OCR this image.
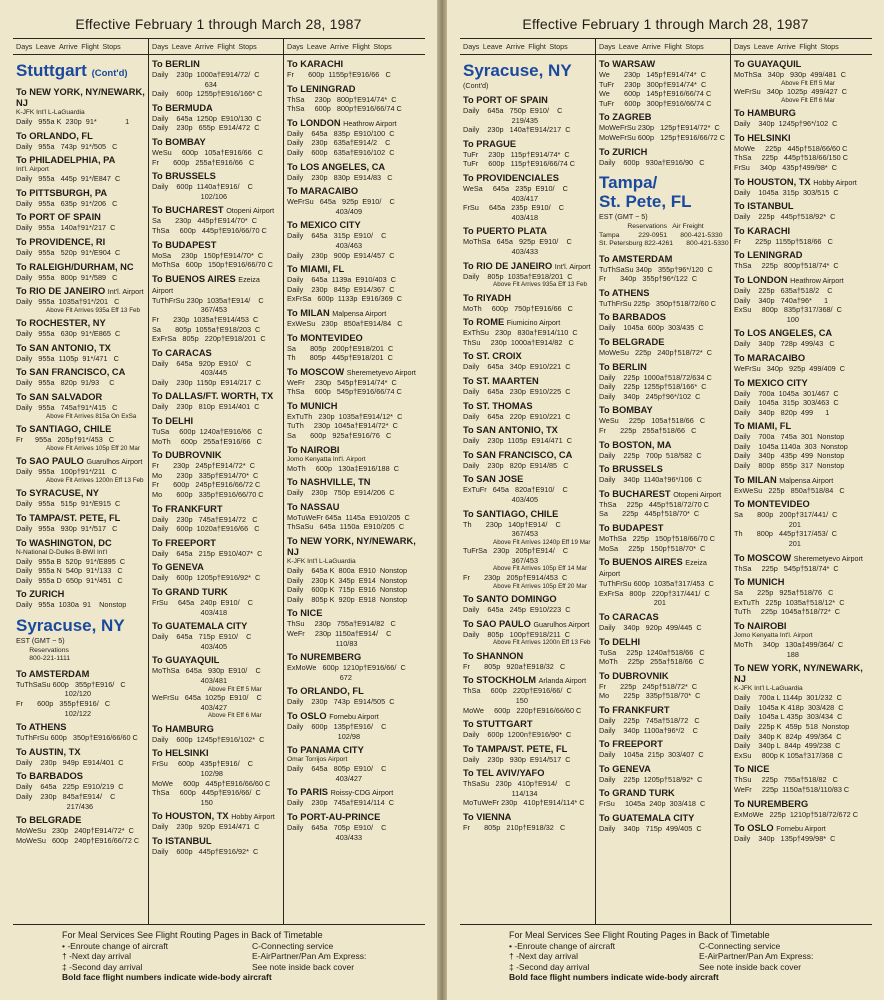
Effective February 1 through March 28, 1987
Days Leave Arrive Flight Stops
Stuttgart (Cont'd)
To NEW YORK, NY/NEWARK, NJ
K-JFK Int'l L-LaGuardia
Daily   955a K  230p  91*              1
To ORLANDO, FL
Daily   955a   743p  91*/505   C
To PHILADELPHIA, PA
Int'l. Airport
Daily   955a   445p  91*/E847  C
To PITTSBURGH, PA
Daily   955a   635p  91*/206   C
To PORT OF SPAIN
Daily   955a   140a†91*/217  C
To PROVIDENCE, RI
Daily   955a   520p  91*/E904  C
To RALEIGH/DURHAM, NC
Daily   955a   800p  91*/589   C
To RIO DE JANEIRO Int'l. Airport
Daily   955a  1035a†91*/201   C
Above Flt Arrives 935a Eff 13 Feb
To ROCHESTER, NY
Daily   955a   630p  91*/E865  C
To SAN ANTONIO, TX
Daily   955a  1105p  91*/471   C
To SAN FRANCISCO, CA
Daily   955a   820p  91/93     C
To SAN SALVADOR
Daily   955a   745a†91*/415   C
Above Flt Arrives 815a On ExSa
To SANTIAGO, CHILE
Fr      955a   205p†91*/453   C
Above Flt Arrives 105p Eff 20 Mar
To SAO PAULO Guarulhos Airport
Daily   955a   100p†91*/211   C
Above Flt Arrives 1200n Eff 13 Feb
To SYRACUSE, NY
Daily   955a   515p  91*/E915  C
To TAMPA/ST. PETE, FL
Daily   955a   930p  91*/517   C
To WASHINGTON, DC
N-National D-Dulles B-BWI Int'l
Daily   955a B  520p  91*/E895  C
Daily   955a N  540p  91*/133   C
Daily   955a D  650p  91*/451   C
To ZURICH
Daily   955a  1030a  91    Nonstop
Syracuse, NY
EST (GMT − 5)
Reservations
800-221-1111
To AMSTERDAM
TuThSaSu 600p   355p†E916/   C
102/120
Fr       600p   355p†E916/   C
102/122
To ATHENS
TuThFrSu 600p   350p†E916/66/60 C
To AUSTIN, TX
Daily    230p   949p  E914/401  C
To BARBADOS
Daily    645a   225p  E910/219  C
Daily    230p   845a†E914/    C
217/436
To BELGRADE
MoWeSu   230p   240p†E914/72*  C
MoWeSu   600p   240p†E916/66/72 C
Days Leave Arrive Flight Stops
To BERLIN
Daily    230p  1000a†E914/72/  C
634
Daily    600p  1255p†E916/166* C
To BERMUDA
Daily    645a  1250p  E910/130  C
Daily    230p   655p  E914/472  C
To BOMBAY
WeSu     600p   105a†E916/66   C
Fr       600p   255a†E916/66   C
To BRUSSELS
Daily    600p  1140a†E916/    C
102/106
To BUCHAREST Otopeni Airport
Sa       230p   445p†E914/70*  C
ThSa     600p   445p†E916/66/70 C
To BUDAPEST
MoSa     230p   150p†E914/70*  C
MoThSa   600p   150p†E916/66/70 C
To BUENOS AIRES Ezeiza Airport
TuThFrSu 230p  1035a†E914/    C
367/453
Fr       230p  1035a†E914/453  C
Sa       805p  1055a†E918/203  C
ExFrSa   805p   220p†E918/201  C
To CARACAS
Daily    645a   920p  E910/    C
403/445
Daily    230p  1150p  E914/217  C
To DALLAS/FT. WORTH, TX
Daily    230p   810p  E914/401  C
To DELHI
TuSa     600p  1240a†E916/66   C
MoTh     600p   255a†E916/66   C
To DUBROVNIK
Fr       230p   245p†E914/72*  C
Mo       230p   335p†E914/70*  C
Fr       600p   245p†E916/66/72 C
Mo       600p   335p†E916/66/70 C
To FRANKFURT
Daily    230p   745a†E914/72   C
Daily    600p  1020a†E916/66   C
To FREEPORT
Daily    645a   215p  E910/407*  C
To GENEVA
Daily    600p  1205p†E916/92*  C
To GRAND TURK
FrSu     645a   240p  E910/    C
403/418
To GUATEMALA CITY
Daily    645a   715p  E910/    C
403/405
To GUAYAQUIL
MoThSa   645a   930p  E910/    C
403/481
Above Flt Eff 5 Mar
WeFrSu   645a  1025p  E910/    C
403/427
Above Flt Eff 6 Mar
To HAMBURG
Daily    600p  1245p†E916/102*  C
To HELSINKI
FrSu     600p   435p†E916/    C
102/98
MoWe     600p   445p†E916/66/60 C
ThSa     600p   445p†E916/66/  C
150
To HOUSTON, TX Hobby Airport
Daily    230p   920p  E914/471  C
To ISTANBUL
Daily    600p   445p†E916/92*  C
Days Leave Arrive Flight Stops
To KARACHI
Fr       600p  1155p†E916/66   C
To LENINGRAD
ThSa     230p   800p†E914/74*  C
ThSa     600p   800p†E916/66/74 C
To LONDON Heathrow Airport
Daily    645a   835p  E910/100  C
Daily    230p   635a†E914/2    C
Daily    600p   635a†E916/102  C
To LOS ANGELES, CA
Daily    230p   830p  E914/83   C
To MARACAIBO
WeFrSu   645a   925p  E910/    C
403/409
To MEXICO CITY
Daily    645a   315p  E910/    C
403/463
Daily    230p   900p  E914/457  C
To MIAMI, FL
Daily    645a  1139a  E910/403  C
Daily    230p   845p  E914/367  C
ExFrSa   600p  1133p  E916/369  C
To MILAN Malpensa Airport
ExWeSu   230p   850a†E914/84   C
To MONTEVIDEO
Sa       805p   200p†E918/201  C
Th       805p   445p†E918/201  C
To MOSCOW Sheremetyevo Airport
WeFr     230p   545p†E914/74*  C
ThSa     600p   545p†E916/66/74 C
To MUNICH
ExTuTh   230p  1035a†E914/12*  C
TuTh     230p  1045a†E914/72*  C
Sa       600p   925a†E916/76   C
To NAIROBI
Jomo Kenyatta Int'l. Airport
MoTh     600p   130a‡E916/188  C
To NASHVILLE, TN
Daily    230p   750p  E914/206  C
To NASSAU
MoTuWeFr 645a  1145a  E910/205  C
ThSaSu   645a  1150a  E910/205  C
To NEW YORK, NY/NEWARK, NJ
K-JFK Int'l L-LaGuardia
Daily    645a K  800a  E910  Nonstop
Daily    230p K  345p  E914  Nonstop
Daily    600p K  715p  E916  Nonstop
Daily    805p K  920p  E918  Nonstop
To NICE
ThSu     230p   755a†E914/82   C
WeFr     230p  1150a†E914/    C
110/83
To NUREMBERG
ExMoWe   600p  1210p†E916/66/  C
672
To ORLANDO, FL
Daily    230p   743p  E914/505  C
To OSLO Fornebu Airport
Daily    600p   135p†E916/    C
102/98
To PANAMA CITY
Omar Torrijos Airport
Daily    645a   805p  E910/    C
403/427
To PARIS Roissy-CDG Airport
Daily    230p   745a†E914/114  C
To PORT-AU-PRINCE
Daily    645a   705p  E910/    C
403/433
For Meal Services See Flight Routing Pages in Back of Timetable
• -Enroute change of aircraft	C-Connecting service
† -Next day arrival	E-AirPartner/Pan Am Express:
‡ -Second day arrival	See note inside back cover
Bold face flight numbers indicate wide-body aircraft
Effective February 1 through March 28, 1987
Days Leave Arrive Flight Stops
Syracuse, NY
(Cont'd)
To PORT OF SPAIN
Daily    645a   750p  E910/    C
219/435
Daily    230p   140a†E914/217  C
To PRAGUE
TuFr     230p   115p†E914/74*  C
TuFr     600p   115p†E916/66/74 C
To PROVIDENCIALES
WeSa     645a   235p  E910/    C
403/417
FrSu     645a   235p  E910/    C
403/418
To PUERTO PLATA
MoThSa   645a   925p  E910/    C
403/433
To RIO DE JANEIRO Int'l. Airport
Daily    805p  1035a†E918/201  C
Above Flt Arrives 935a Eff 13 Feb
To RIYADH
MoTh     600p   750p†E916/66   C
To ROME Fiumicino Airport
ExThSu   230p   830a†E914/110  C
ThSu     230p  1000a†E914/82   C
To ST. CROIX
Daily    645a   340p  E910/221  C
To ST. MAARTEN
Daily    645a   230p  E910/225  C
To ST. THOMAS
Daily    645a   220p  E910/221  C
To SAN ANTONIO, TX
Daily    230p  1105p  E914/471  C
To SAN FRANCISCO, CA
Daily    230p   820p  E914/85   C
To SAN JOSE
ExTuFr   645a   820a†E910/    C
403/405
To SANTIAGO, CHILE
Th       230p   140p†E914/    C
367/453
Above Flt Arrives 1240p Eff 19 Mar
TuFrSa   230p   205p†E914/    C
367/453
Above Flt Arrives 105p Eff 14 Mar
Fr       230p   205p†E914/453  C
Above Flt Arrives 105p Eff 20 Mar
To SANTO DOMINGO
Daily    645a   245p  E910/223  C
To SAO PAULO Guarulhos Airport
Daily    805p   100p†E918/211  C
Above Flt Arrives 1200n Eff 13 Feb
To SHANNON
Fr       805p   920a†E918/32   C
To STOCKHOLM Arlanda Airport
ThSa     600p   220p†E916/66/  C
150
MoWe     600p   220p†E916/66/60 C
To STUTTGART
Daily    600p  1200n†E916/90*  C
To TAMPA/ST. PETE, FL
Daily    230p   930p  E914/517  C
To TEL AVIV/YAFO
ThSaSu   230p   410p†E914/    C
114/134
MoTuWeFr 230p   410p†E914/114* C
To VIENNA
Fr       805p   210p†E918/32   C
Days Leave Arrive Flight Stops
To WARSAW
We       230p   145p†E914/74*  C
TuFr     230p   300p†E914/74*  C
We       600p   145p†E916/66/74 C
TuFr     600p   300p†E916/66/74 C
To ZAGREB
MoWeFrSu 230p   125p†E914/72*  C
MoWeFrSu 600p   125p†E916/66/72 C
To ZURICH
Daily    600p   930a†E916/90   C
Tampa/
St. Pete, FL
EST (GMT − 5)
Reservations   Air Freight
Tampa          229-0951       800-421-5330
St. Petersburg 822-4261       800-421-5330
To AMSTERDAM
TuThSaSu 340p   355p†96*/120  C
Fr       340p   355p†96*/122  C
To ATHENS
TuThFrSu 225p   350p†518/72/60 C
To BARBADOS
Daily    1045a  600p  303/435  C
To BELGRADE
MoWeSu   225p   240p†518/72*  C
To BERLIN
Daily    225p  1000a†518/72/634 C
Daily    225p  1255p†518/166*  C
Daily    340p   245p†96*/102  C
To BOMBAY
WeSu     225p   105a†518/66   C
Fr       225p   255a†518/66   C
To BOSTON, MA
Daily    225p   700p  518/582  C
To BRUSSELS
Daily    340p  1140a†96*/106  C
To BUCHAREST Otopeni Airport
ThSa     225p   445p†518/72/70 C
Sa       225p   445p†518/70*  C
To BUDAPEST
MoThSa   225p   150p†518/66/70 C
MoSa     225p   150p†518/70*  C
To BUENOS AIRES Ezeiza Airport
TuThFrSu 600p  1035a†317/453  C
ExFrSa   800p   220p†317/441/  C
201
To CARACAS
Daily    340p   920p  499/445  C
To DELHI
TuSa     225p  1240a†518/66   C
MoTh     225p   255a†518/66   C
To DUBROVNIK
Fr       225p   245p†518/72*  C
Mo       225p   335p†518/70*  C
To FRANKFURT
Daily    225p   745a†518/72   C
Daily    340p  1100a†96*/2    C
To FREEPORT
Daily    1045a  215p  303/407  C
To GENEVA
Daily    225p  1205p†518/92*  C
To GRAND TURK
FrSu     1045a  240p  303/418  C
To GUATEMALA CITY
Daily    340p   715p  499/405  C
Days Leave Arrive Flight Stops
To GUAYAQUIL
MoThSa   340p   930p  499/481  C
Above Flt Eff 5 Mar
WeFrSu   340p  1025p  499/427  C
Above Flt Eff 6 Mar
To HAMBURG
Daily    340p  1245p†96*/102  C
To HELSINKI
MoWe     225p   445p†518/66/60 C
ThSa     225p   445p†518/66/150 C
FrSu     340p   435p†499/98*  C
To HOUSTON, TX Hobby Airport
Daily    1045a  315p  303/515  C
To ISTANBUL
Daily    225p   445p†518/92*  C
To KARACHI
Fr       225p  1155p†518/66   C
To LENINGRAD
ThSa     225p   800p†518/74*  C
To LONDON Heathrow Airport
Daily    225p   635a†518/2    C
Daily    340p   740a†96*      1
ExSu     800p   835p†317/368/  C
100
To LOS ANGELES, CA
Daily    340p   728p  499/43   C
To MARACAIBO
WeFrSu   340p   925p  499/409  C
To MEXICO CITY
Daily    700a  1045a  301/467  C
Daily    1045a  315p  303/463  C
Daily    340p   820p  499      1
To MIAMI, FL
Daily    700a   745a  301  Nonstop
Daily    1045a 1140a  303  Nonstop
Daily    340p   435p  499  Nonstop
Daily    800p   855p  317  Nonstop
To MILAN Malpensa Airport
ExWeSu   225p   850a†518/84   C
To MONTEVIDEO
Sa       800p   200p†317/441/  C
201
Th       800p   445p†317/453/  C
201
To MOSCOW Sheremetyevo Airport
ThSa     225p   545p†518/74*  C
To MUNICH
Sa       225p   925a†518/76   C
ExTuTh   225p  1035a†518/12*  C
TuTh     225p  1045a†518/72*  C
To NAIROBI
Jomo Kenyatta Int'l. Airport
MoTh     340p   130a‡499/364/  C
188
To NEW YORK, NY/NEWARK, NJ
K-JFK Int'l L-LaGuardia
Daily    700a L 1144p  301/232  C
Daily    1045a K 418p  303/428  C
Daily    1045a L 435p  303/434  C
Daily    225p K  459p  518  Nonstop
Daily    340p K  824p  499/364  C
Daily    340p L  844p  499/238  C
ExSu     800p K 105a†317/368  C
To NICE
ThSu     225p   755a†518/82   C
WeFr     225p  1150a†518/110/83 C
To NUREMBERG
ExMoWe   225p  1210p†518/72/672 C
To OSLO Fornebu Airport
Daily    340p   135p†499/98*  C
For Meal Services See Flight Routing Pages in Back of Timetable
• -Enroute change of aircraft	C-Connecting service
† -Next day arrival	E-AirPartner/Pan Am Express:
‡ -Second day arrival	See note inside back cover
Bold face flight numbers indicate wide-body aircraft
